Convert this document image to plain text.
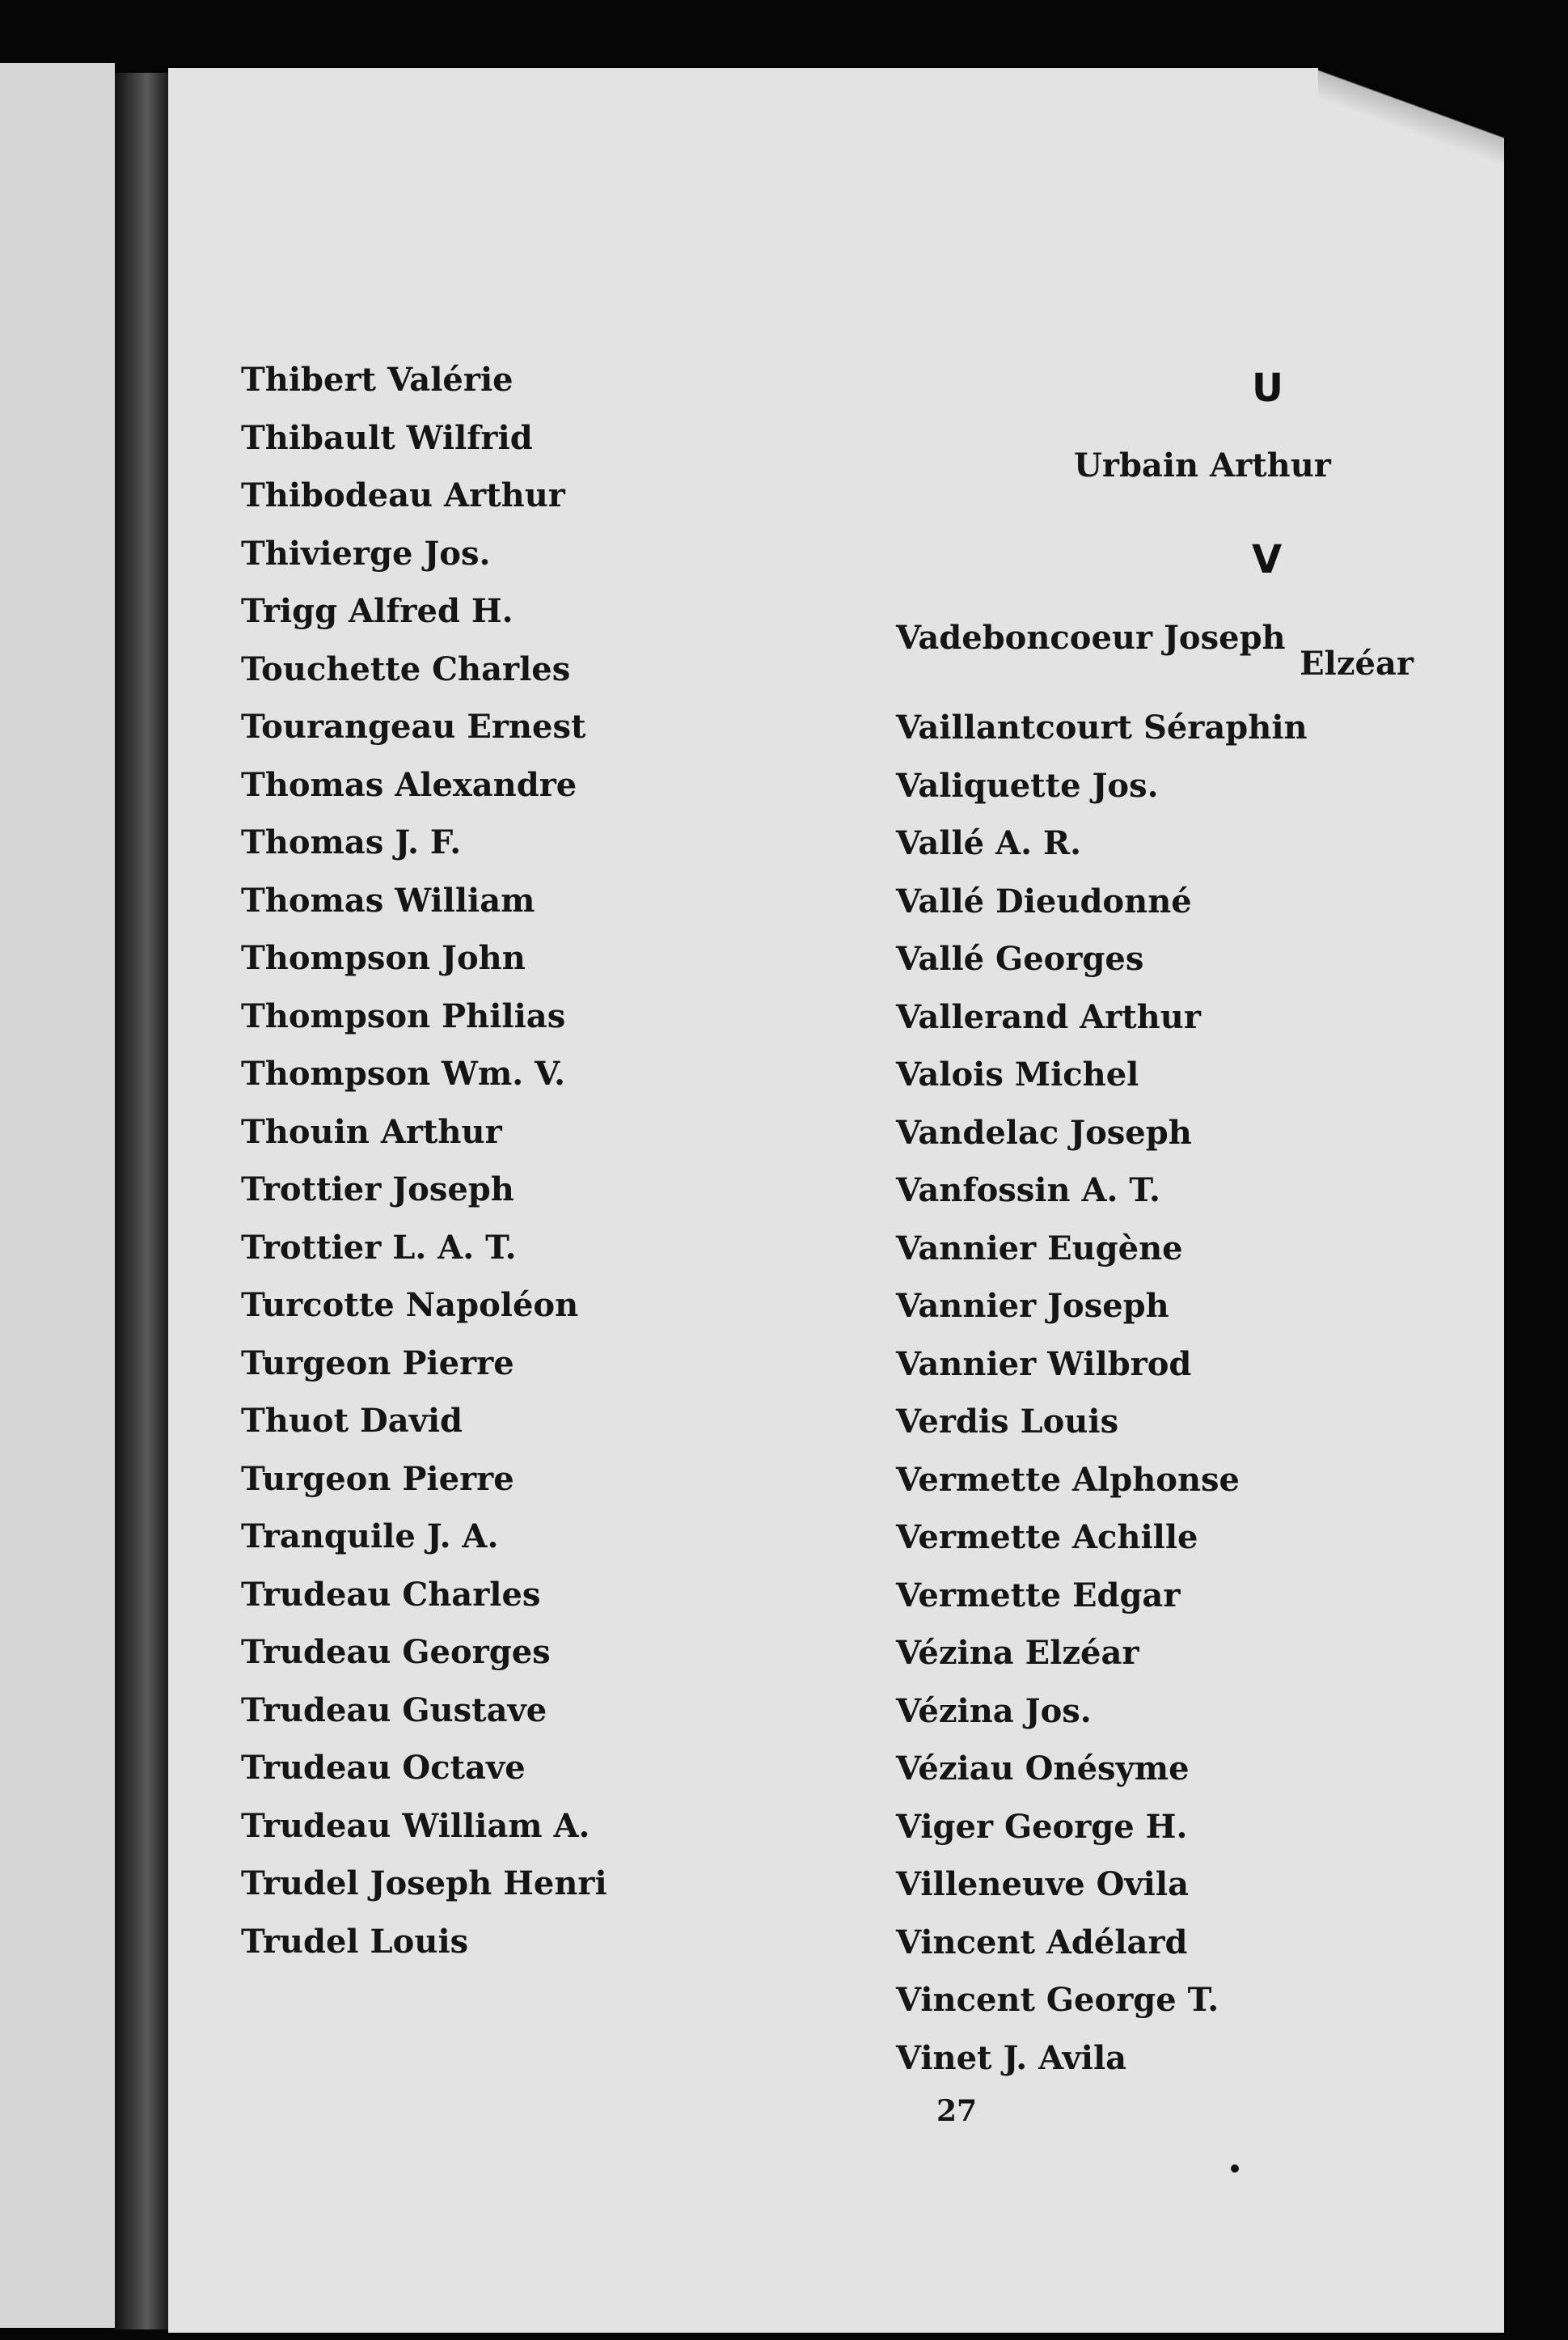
Thibert Valérie
Thibault Wilfrid
Thibodeau Arthur
Thivierge Jos.
Trigg Alfred H.
Touchette Charles
Tourangeau Ernest
Thomas Alexandre
Thomas J. F.
Thomas William
Thompson John
Thompson Philias
Thompson Wm. V.
Thouin Arthur
Trottier Joseph
Trottier L. A. T.
Turcotte Napoléon
Turgeon Pierre
Thuot David
Turgeon Pierre
Tranquile J. A.
Trudeau Charles
Trudeau Georges
Trudeau Gustave
Trudeau Octave
Trudeau William A.
Trudel Joseph Henri
Trudel Louis
U
Urbain Arthur
V
Vadeboncoeur Joseph
Elzéar
Vaillantcourt Séraphin
Valiquette Jos.
Vallé A. R.
Vallé Dieudonné
Vallé Georges
Vallerand Arthur
Valois Michel
Vandelac Joseph
Vanfossin A. T.
Vannier Eugène
Vannier Joseph
Vannier Wilbrod
Verdis Louis
Vermette Alphonse
Vermette Achille
Vermette Edgar
Vézina Elzéar
Vézina Jos.
Véziau Onésyme
Viger George H.
Villeneuve Ovila
Vincent Adélard
Vincent George T.
Vinet J. Avila
27
